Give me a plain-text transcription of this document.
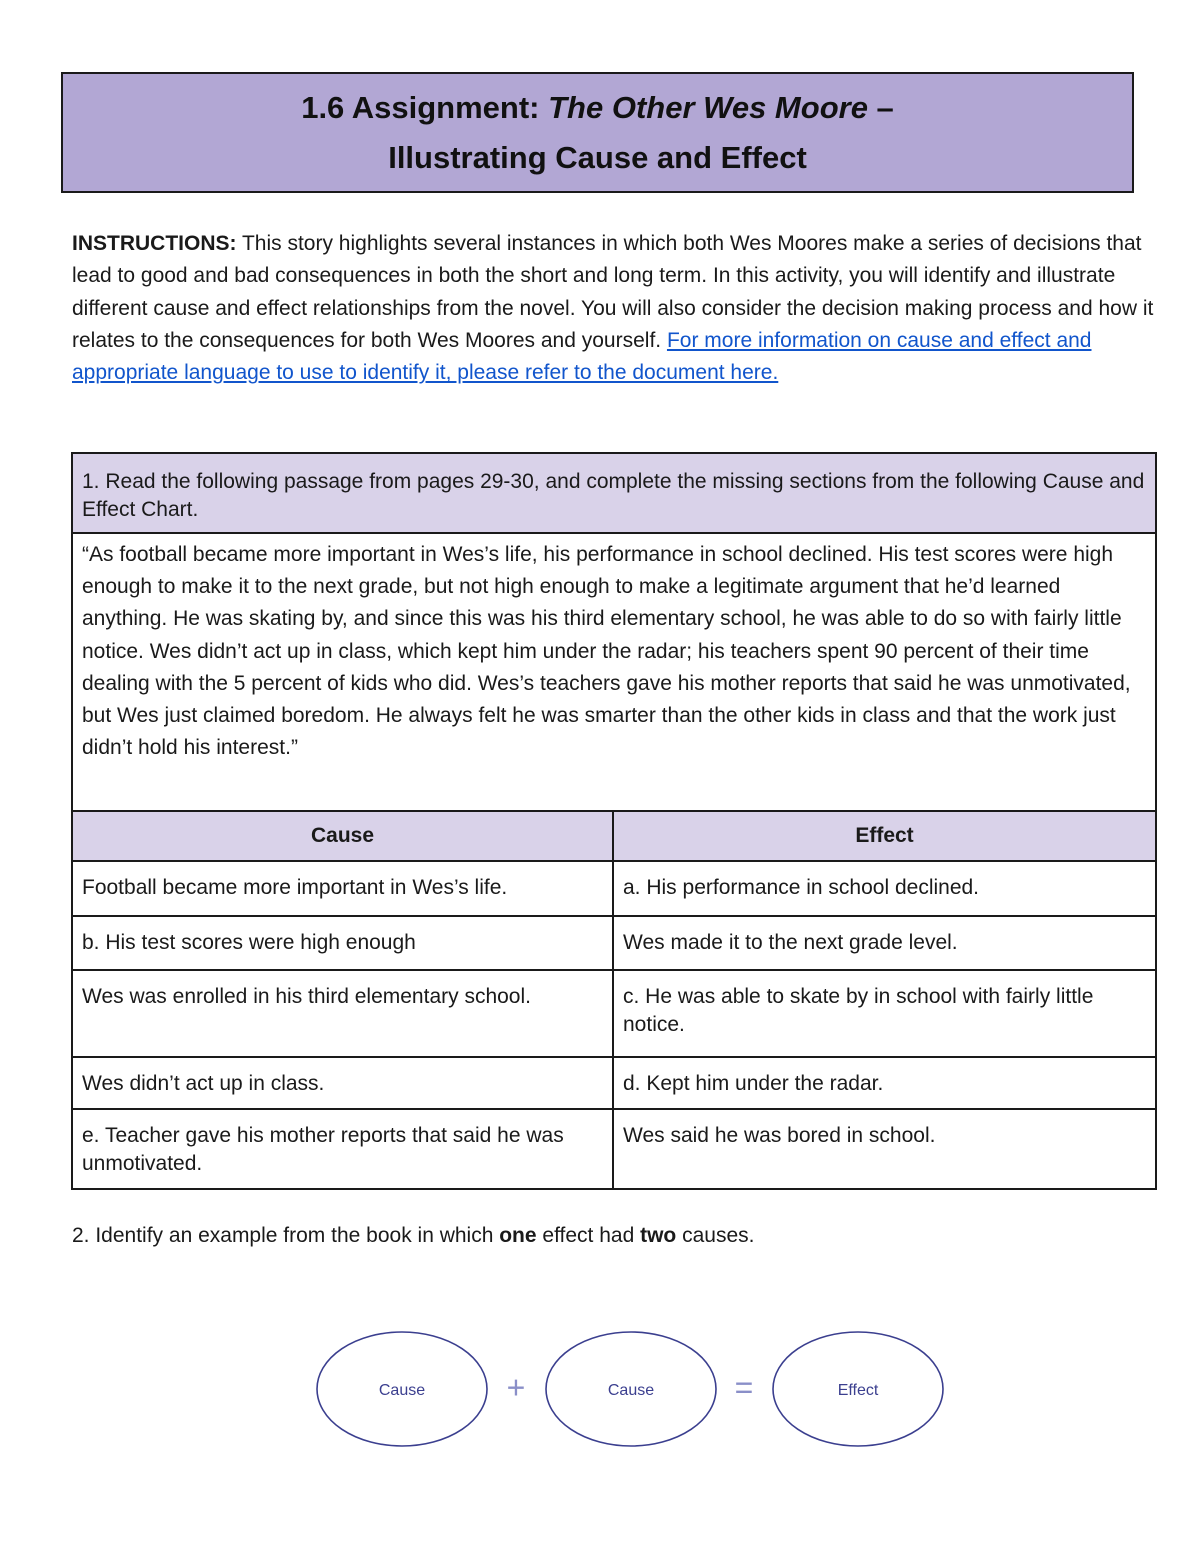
1.6 Assignment: The Other Wes Moore –
Illustrating Cause and Effect
INSTRUCTIONS: This story highlights several instances in which both Wes Moores make a series of decisions that lead to good and bad consequences in both the short and long term. In this activity, you will identify and illustrate different cause and effect relationships from the novel. You will also consider the decision making process and how it relates to the consequences for both Wes Moores and yourself. For more information on cause and effect and appropriate language to use to identify it, please refer to the document here.
1. Read the following passage from pages 29-30, and complete the missing sections from the following Cause and Effect Chart.	
“As football became more important in Wes’s life, his performance in school declined. His test scores were high enough to make it to the next grade, but not high enough to make a legitimate argument that he’d learned anything. He was skating by, and since this was his third elementary school, he was able to do so with fairly little notice. Wes didn’t act up in class, which kept him under the radar; his teachers spent 90 percent of their time dealing with the 5 percent of kids who did. Wes’s teachers gave his mother reports that said he was unmotivated, but Wes just claimed boredom. He always felt he was smarter than the other kids in class and that the work just didn’t hold his interest.”	
Cause	Effect
Football became more important in Wes’s life.	a. His performance in school declined.
b. His test scores were high enough	Wes made it to the next grade level.
Wes was enrolled in his third elementary school.	c. He was able to skate by in school with fairly little notice.
Wes didn’t act up in class.	d. Kept him under the radar.
e. Teacher gave his mother reports that said he was unmotivated.	Wes said he was bored in school.
2. Identify an example from the book in which one effect had two causes.
Cause	+	Cause	=	Effect
